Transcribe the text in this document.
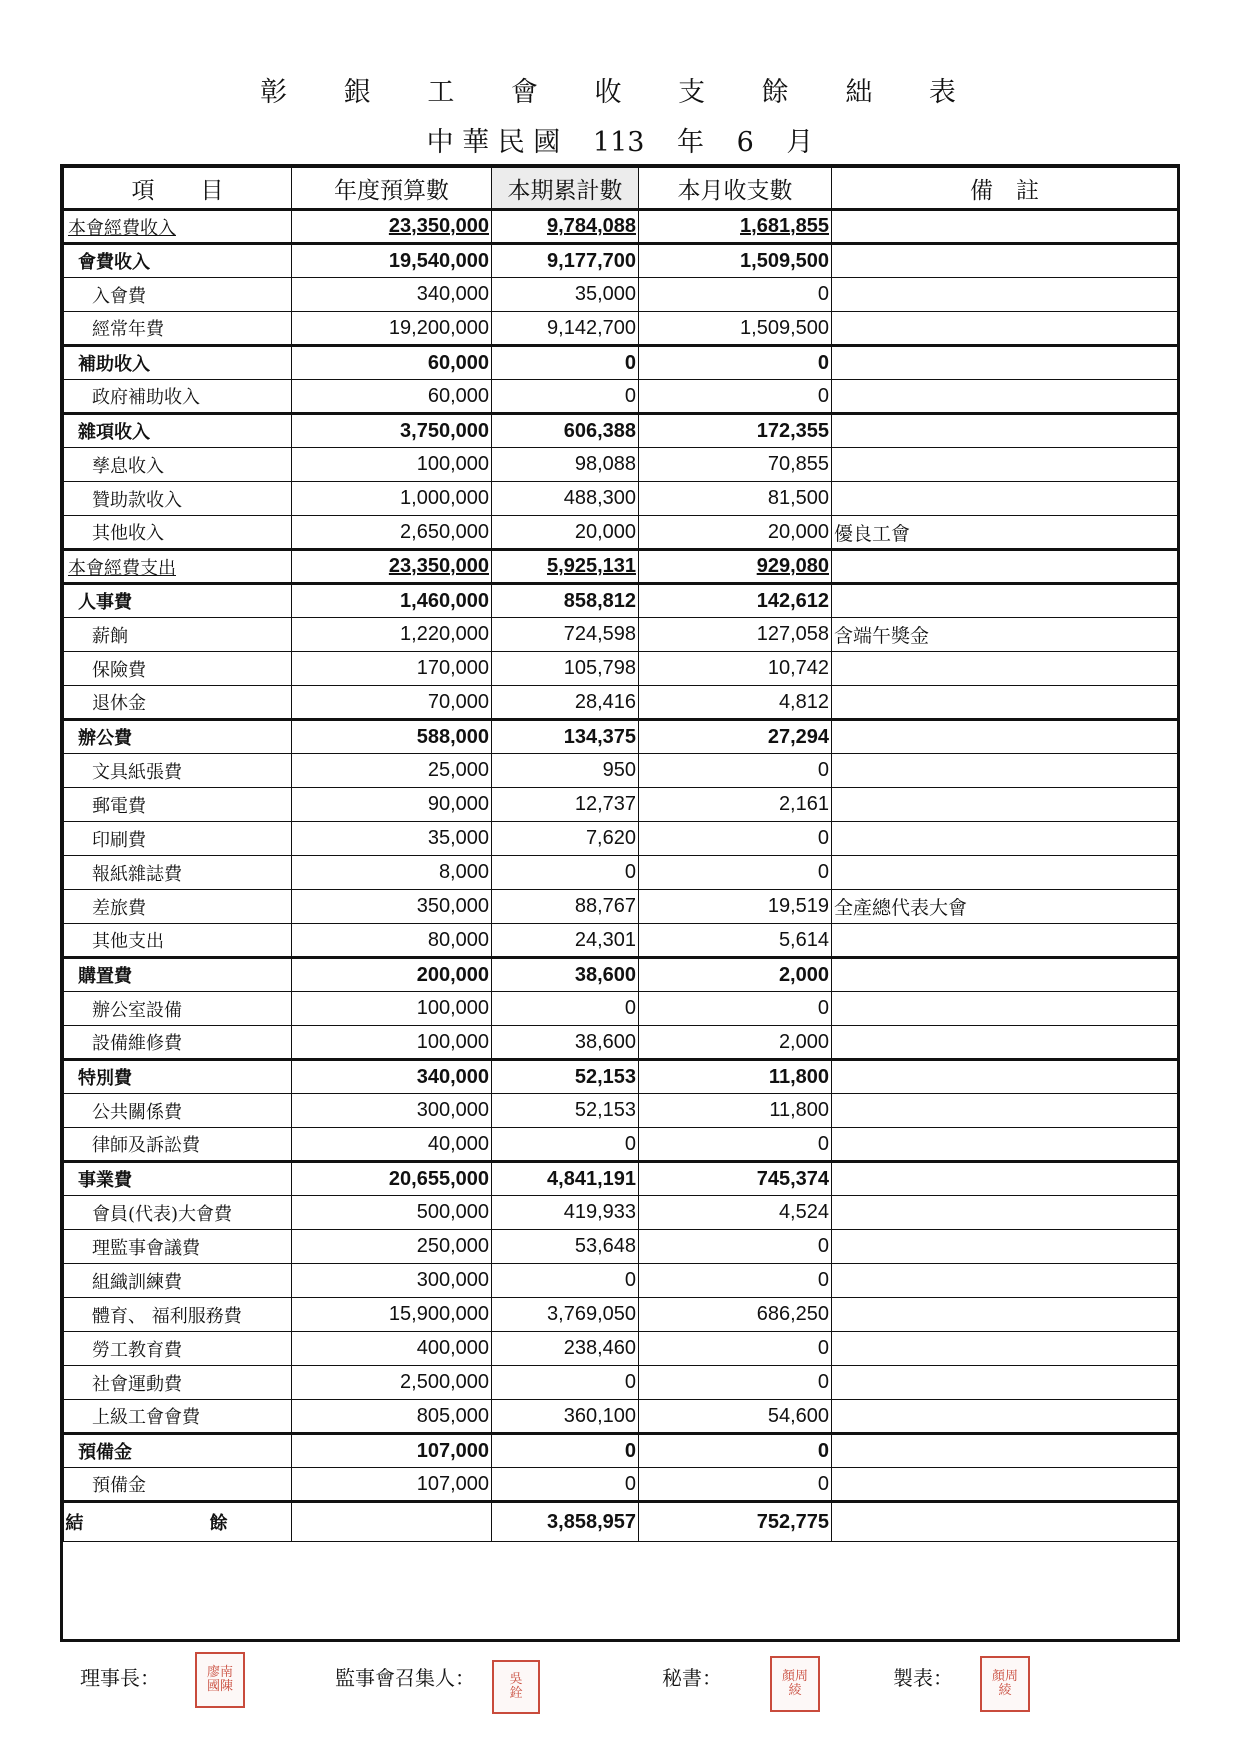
彰 銀 工 會 收 支 餘 絀 表
中 華 民 國 113 年 6 月
項　　目	年度預算數	本期累計數	本月收支數	備　註
本會經費收入	23,350,000	9,784,088	1,681,855	
會費收入	19,540,000	9,177,700	1,509,500	
入會費	340,000	35,000	0	
經常年費	19,200,000	9,142,700	1,509,500	
補助收入	60,000	0	0	
政府補助收入	60,000	0	0	
雜項收入	3,750,000	606,388	172,355	
孳息收入	100,000	98,088	70,855	
贊助款收入	1,000,000	488,300	81,500	
其他收入	2,650,000	20,000	20,000	優良工會
本會經費支出	23,350,000	5,925,131	929,080	
人事費	1,460,000	858,812	142,612	
薪餉	1,220,000	724,598	127,058	含端午獎金
保險費	170,000	105,798	10,742	
退休金	70,000	28,416	4,812	
辦公費	588,000	134,375	27,294	
文具紙張費	25,000	950	0	
郵電費	90,000	12,737	2,161	
印刷費	35,000	7,620	0	
報紙雜誌費	8,000	0	0	
差旅費	350,000	88,767	19,519	全產總代表大會
其他支出	80,000	24,301	5,614	
購置費	200,000	38,600	2,000	
辦公室設備	100,000	0	0	
設備維修費	100,000	38,600	2,000	
特別費	340,000	52,153	11,800	
公共關係費	300,000	52,153	11,800	
律師及訴訟費	40,000	0	0	
事業費	20,655,000	4,841,191	745,374	
會員(代表)大會費	500,000	419,933	4,524	
理監事會議費	250,000	53,648	0	
組織訓練費	300,000	0	0	
體育、 福利服務費	15,900,000	3,769,050	686,250	
勞工教育費	400,000	238,460	0	
社會運動費	2,500,000	0	0	
上級工會會費	805,000	360,100	54,600	
預備金	107,000	0	0	
預備金	107,000	0	0	
結 餘		3,858,957	752,775	
理事長：	廖南
國陳	監事會召集人：	吳
銓
秘書：	顏周
綾
製表：	顏周
綾
